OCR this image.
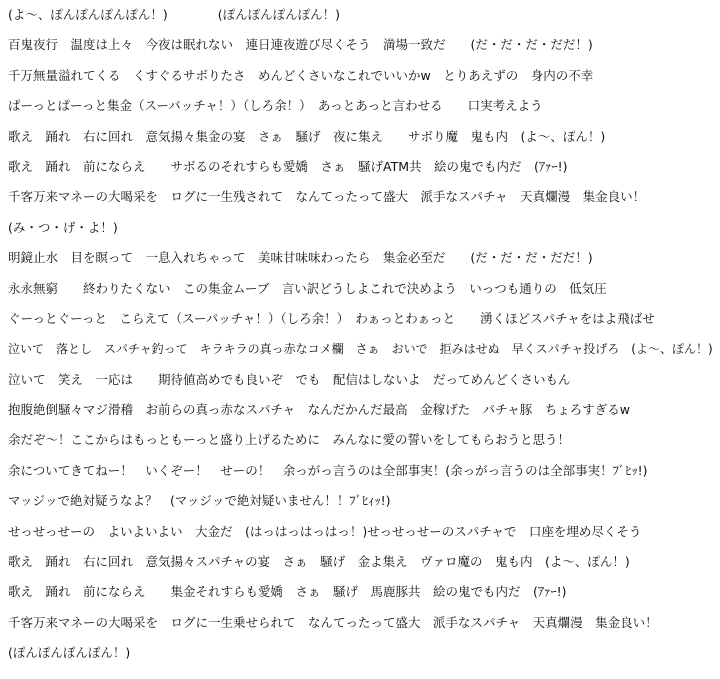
(よ～、ぽんぽんぽんぽん！)　　　　(ぽんぽんぽんぽん！)
百鬼夜行　温度は上々　今夜は眠れない　連日連夜遊び尽くそう　満場一致だ　　(だ・だ・だ・だだ！)
千万無量溢れてくる　くすぐるサボりたさ　めんどくさいなこれでいいかw　とりあえずの　身内の不幸
ぱーっとぱーっと集金（スーパッチャ！）（しろ余！）　あっとあっと言わせる　　口実考えよう
歌え　踊れ　右に回れ　意気揚々集金の宴　さぁ　騒げ　夜に集え　　サボり魔　鬼も内　(よ～、ぽん！)
歌え　踊れ　前にならえ　　サボるのそれすらも愛嬌　さぁ　騒げATM共　絵の鬼でも内だ　(ｱｧｰ!)
千客万来マネーの大喝采を　ログに一生残されて　なんてったって盛大　派手なスパチャ　天真爛漫　集金良い！
(み・つ・げ・よ！)
明鏡止水　目を瞑って　一息入れちゃって　美味甘味味わったら　集金必至だ　　(だ・だ・だ・だだ！)
永永無窮　　終わりたくない　この集金ムーブ　言い訳どうしよこれで決めよう　いっつも通りの　低気圧
ぐーっとぐーっと　こらえて（スーパッチャ！）（しろ余！）　わぁっとわぁっと　　湧くほどスパチャをはよ飛ばせ
泣いて　落とし　スパチャ釣って　キラキラの真っ赤なコメ欄　さぁ　おいで　拒みはせぬ　早くスパチャ投げろ　(よ～、ぽん！)
泣いて　笑え　一応は　　期待値高めでも良いぞ　でも　配信はしないよ　だってめんどくさいもん
抱腹絶倒騒々マジ滑稽　お前らの真っ赤なスパチャ　なんだかんだ最高　金稼げた　パチャ豚　ちょろすぎるw
余だぞ～！ここからはもっともーっと盛り上げるために　みんなに愛の誓いをしてもらおうと思う！
余についてきてねー！　いくぞー！　せーの！　余っがっ言うのは全部事実！(余っがっ言うのは全部事実！ﾌﾞﾋｯ!)
マッジッで絶対疑うなよ？　(マッジッで絶対疑いません！！ﾌﾞﾋｨｯ!)
せっせっせーの　よいよいよい　大金だ　(はっはっはっはっ！)せっせっせーのスパチャで　口座を埋め尽くそう
歌え　踊れ　右に回れ　意気揚々スパチャの宴　さぁ　騒げ　金よ集え　ヴァロ魔の　鬼も内　(よ～、ぽん！)
歌え　踊れ　前にならえ　　集金それすらも愛嬌　さぁ　騒げ　馬鹿豚共　絵の鬼でも内だ　(ｱｧｰ!)
千客万来マネーの大喝采を　ログに一生乗せられて　なんてったって盛大　派手なスパチャ　天真爛漫　集金良い！
(ぽんぽんぽんぽん！)
